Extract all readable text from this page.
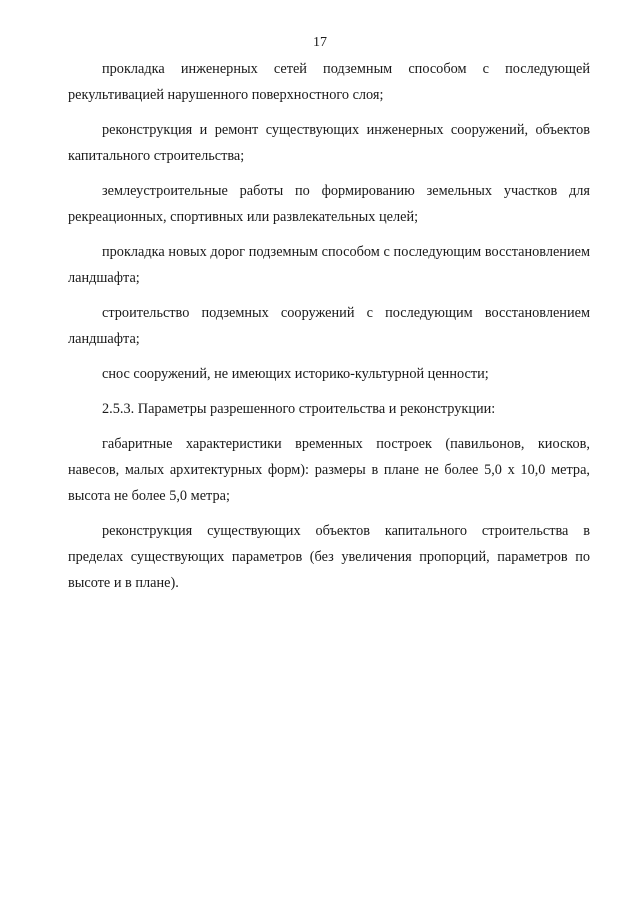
17

прокладка инженерных сетей подземным способом с последующей рекультивацией нарушенного поверхностного слоя;

реконструкция и ремонт существующих инженерных сооружений, объектов капитального строительства;

землеустроительные работы по формированию земельных участков для рекреационных, спортивных или развлекательных целей;

прокладка новых дорог подземным способом с последующим восстановлением ландшафта;

строительство подземных сооружений с последующим восстановлением ландшафта;

снос сооружений, не имеющих историко-культурной ценности;

2.5.3. Параметры разрешенного строительства и реконструкции:

габаритные характеристики временных построек (павильонов, киосков, навесов, малых архитектурных форм): размеры в плане не более 5,0 х 10,0 метра, высота не более 5,0 метра;

реконструкция существующих объектов капитального строительства в пределах существующих параметров (без увеличения пропорций, параметров по высоте и в плане).
